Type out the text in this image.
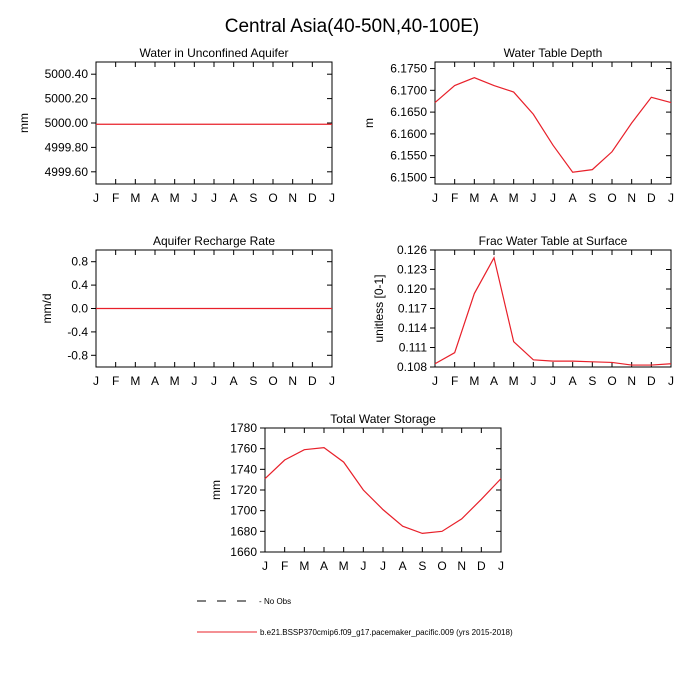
Central Asia(40-50N,40-100E)
Water in Unconfined Aquifer
J F M A M J J A S O N D J
4999.60
4999.80
5000.00
5000.20
5000.40
mm
Water Table Depth
J F M A M J J A S O N D J
6.1500
6.1550
6.1600
6.1650
6.1700
6.1750
m
Aquifer Recharge Rate
J F M A M J J A S O N D J
-0.8
-0.4
0.0
0.4
0.8
mm/d
Frac Water Table at Surface
J F M A M J J A S O N D J
0.108
0.111
0.114
0.117
0.120
0.123
0.126
unitless [0-1]
Total Water Storage
J F M A M J J A S O N D J
1660
1680
1700
1720
1740
1760
1780
mm
- No Obs
b.e21.BSSP370cmip6.f09_g17.pacemaker_pacific.009 (yrs 2015-2018)
